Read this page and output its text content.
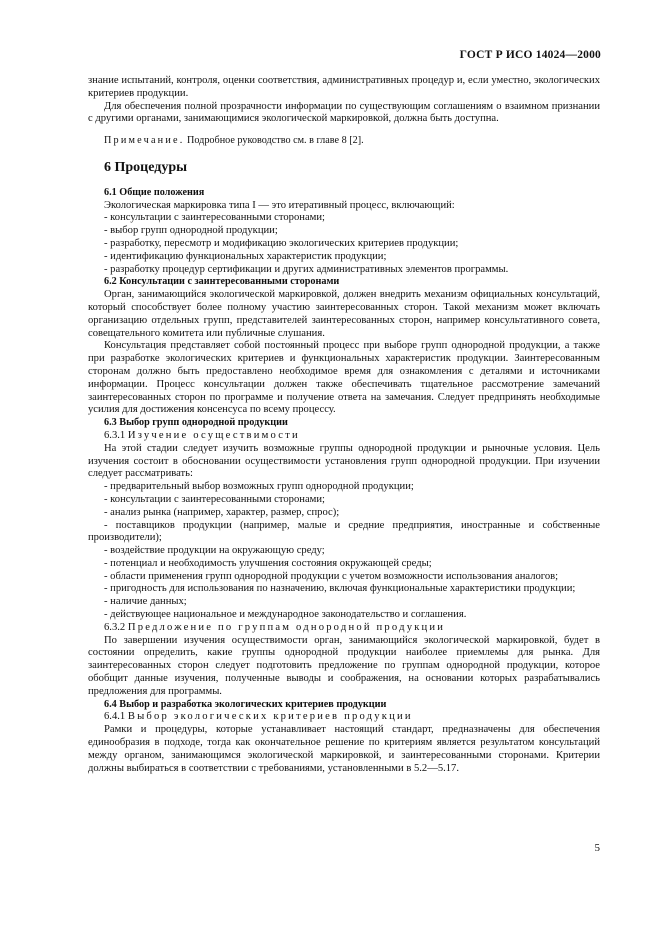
ГОСТ Р ИСО 14024—2000

знание испытаний, контроля, оценки соответствия, административных процедур и, если уместно, экологических критериев продукции.

Для обеспечения полной прозрачности информации по существующим соглашениям о взаимном признании с другими органами, занимающимися экологической маркировкой, должна быть доступна.

Примечание. Подробное руководство см. в главе 8 [2].

6 Процедуры

6.1 Общие положения

Экологическая маркировка типа I — это итеративный процесс, включающий:

- консультации с заинтересованными сторонами;

- выбор групп однородной продукции;

- разработку, пересмотр и модификацию экологических критериев продукции;

- идентификацию функциональных характеристик продукции;

- разработку процедур сертификации и других административных элементов программы.

6.2 Консультации с заинтересованными сторонами

Орган, занимающийся экологической маркировкой, должен внедрить механизм официальных консультаций, который способствует более полному участию заинтересованных сторон. Такой механизм может включать организацию отдельных групп, представителей заинтересованных сторон, например консультативного совета, совещательного комитета или публичные слушания.

Консультация представляет собой постоянный процесс при выборе групп однородной продукции, а также при разработке экологических критериев и функциональных характеристик продукции. Заинтересованным сторонам должно быть предоставлено необходимое время для ознакомления с деталями и источниками информации. Процесс консультации должен также обеспечивать тщательное рассмотрение замечаний заинтересованных сторон по программе и получение ответа на замечания. Следует предпринять необходимые усилия для достижения консенсуса по всему процессу.

6.3 Выбор групп однородной продукции

6.3.1 Изучение осуществимости

На этой стадии следует изучить возможные группы однородной продукции и рыночные условия. Цель изучения состоит в обосновании осуществимости установления групп однородной продукции. При изучении следует рассматривать:

- предварительный выбор возможных групп однородной продукции;

- консультации с заинтересованными сторонами;

- анализ рынка (например, характер, размер, спрос);

- поставщиков продукции (например, малые и средние предприятия, иностранные и собственные производители);

- воздействие продукции на окружающую среду;

- потенциал и необходимость улучшения состояния окружающей среды;

- области применения групп однородной продукции с учетом возможности использования аналогов;

- пригодность для использования по назначению, включая функциональные характеристики продукции;

- наличие данных;

- действующее национальное и международное законодательство и соглашения.

6.3.2 Предложение по группам однородной продукции

По завершении изучения осуществимости орган, занимающийся экологической маркировкой, будет в состоянии определить, какие группы однородной продукции наиболее приемлемы для рынка. Для заинтересованных сторон следует подготовить предложение по группам однородной продукции, которое обобщит данные изучения, полученные выводы и соображения, на основании которых разрабатывались предложения для программы.

6.4 Выбор и разработка экологических критериев продукции

6.4.1 Выбор экологических критериев продукции

Рамки и процедуры, которые устанавливает настоящий стандарт, предназначены для обеспечения единообразия в подходе, тогда как окончательное решение по критериям является результатом консультаций между органом, занимающимся экологической маркировкой, и заинтересованными сторонами. Критерии должны выбираться в соответствии с требованиями, установленными в 5.2—5.17.

5
